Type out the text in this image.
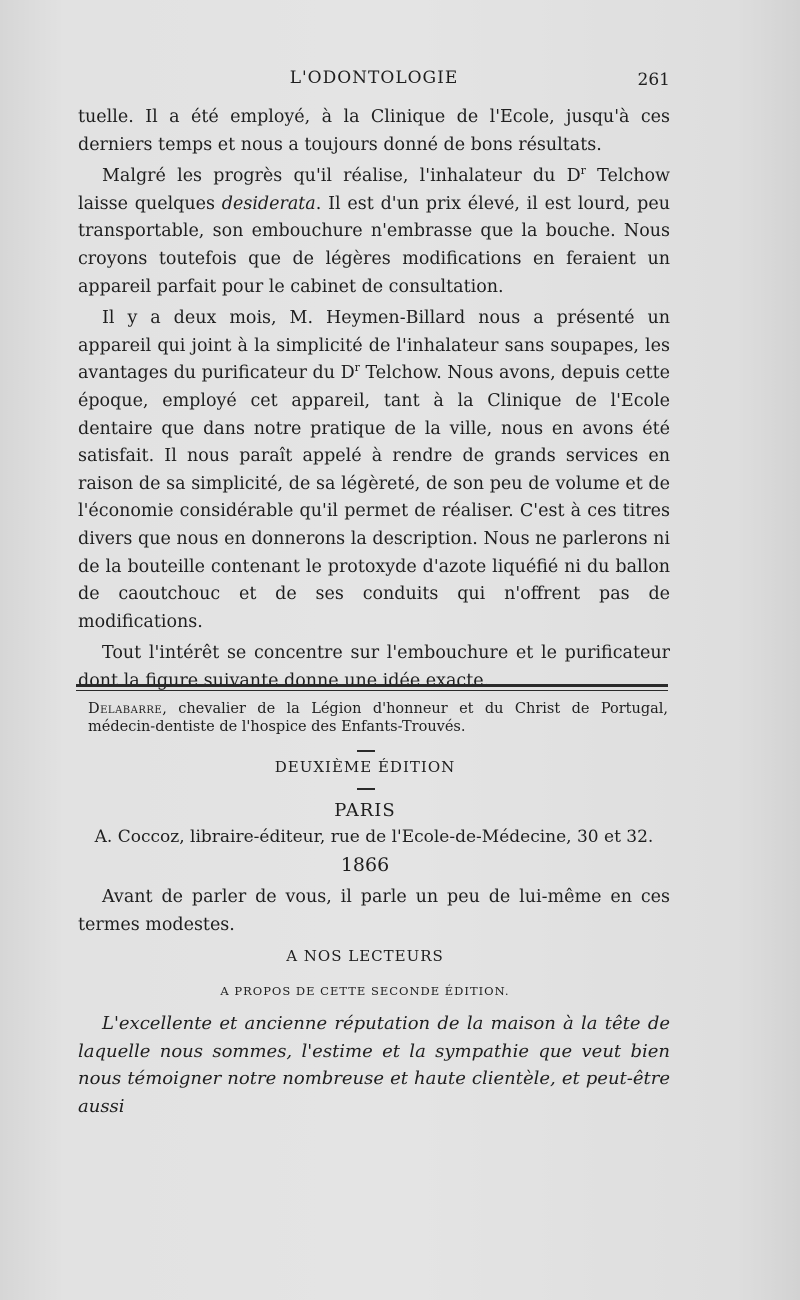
L'ODONTOLOGIE	261

tuelle. Il a été employé, à la Clinique de l'Ecole, jusqu'à ces derniers temps et nous a toujours donné de bons résultats.

Malgré les progrès qu'il réalise, l'inhalateur du $D^r$ Telchow laisse quelques desiderata. Il est d'un prix élevé, il est lourd, peu transportable, son embouchure n'embrasse que la bouche. Nous croyons toutefois que de légères modifications en feraient un appareil parfait pour le cabinet de consultation.

Il y a deux mois, M. Heymen-Billard nous a présenté un appareil qui joint à la simplicité de l'inhalateur sans soupapes, les avantages du purificateur du $D^r$ Telchow. Nous avons, depuis cette époque, employé cet appareil, tant à la Clinique de l'Ecole dentaire que dans notre pratique de la ville, nous en avons été satisfait. Il nous paraît appelé à rendre de grands services en raison de sa simplicité, de sa légèreté, de son peu de volume et de l'économie considérable qu'il permet de réaliser. C'est à ces titres divers que nous en donnerons la description. Nous ne parlerons ni de la bouteille contenant le protoxyde d'azote liquéfié ni du ballon de caoutchouc et de ses conduits qui n'offrent pas de modifications.

Tout l'intérêt se concentre sur l'embouchure et le purificateur dont la figure suivante donne une idée exacte.

Delabarre, chevalier de la Légion d'honneur et du Christ de Portugal, médecin-dentiste de l'hospice des Enfants-Trouvés.
DEUXIÈME ÉDITION
PARIS
A. Coccoz, libraire-éditeur, rue de l'Ecole-de-Médecine, 30 et 32.
1866

Avant de parler de vous, il parle un peu de lui-même en ces termes modestes.

A NOS LECTEURS
A PROPOS DE CETTE SECONDE ÉDITION.

L'excellente et ancienne réputation de la maison à la tête de laquelle nous sommes, l'estime et la sympathie que veut bien nous témoigner notre nombreuse et haute clientèle, et peut-être aussi
